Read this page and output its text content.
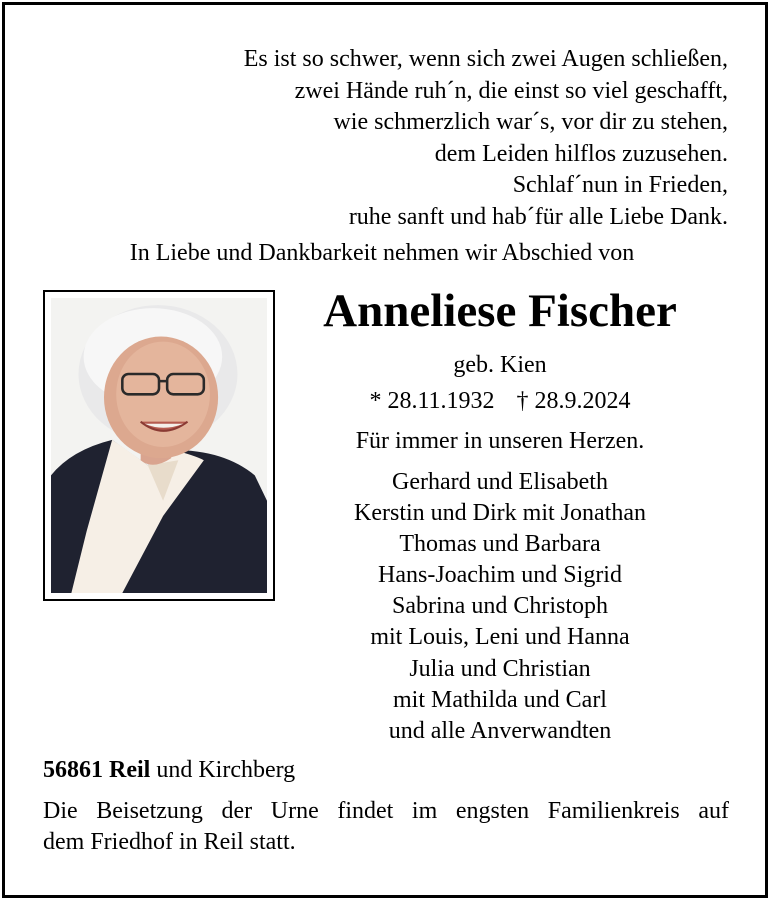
Es ist so schwer, wenn sich zwei Augen schließen,
zwei Hände ruh´n, die einst so viel geschafft,
wie schmerzlich war´s, vor dir zu stehen,
dem Leiden hilflos zuzusehen.
Schlaf´nun in Frieden,
ruhe sanft und hab´für alle Liebe Dank.
In Liebe und Dankbarkeit nehmen wir Abschied von
Anneliese Fischer
geb. Kien
* 28.11.1932 † 28.9.2024
Für immer in unseren Herzen.
Gerhard und Elisabeth
Kerstin und Dirk mit Jonathan
Thomas und Barbara
Hans-Joachim und Sigrid
Sabrina und Christoph
mit Louis, Leni und Hanna
Julia und Christian
mit Mathilda und Carl
und alle Anverwandten
56861 Reil und Kirchberg
Die Beisetzung der Urne findet im engsten Familienkreis auf
dem Friedhof in Reil statt.
